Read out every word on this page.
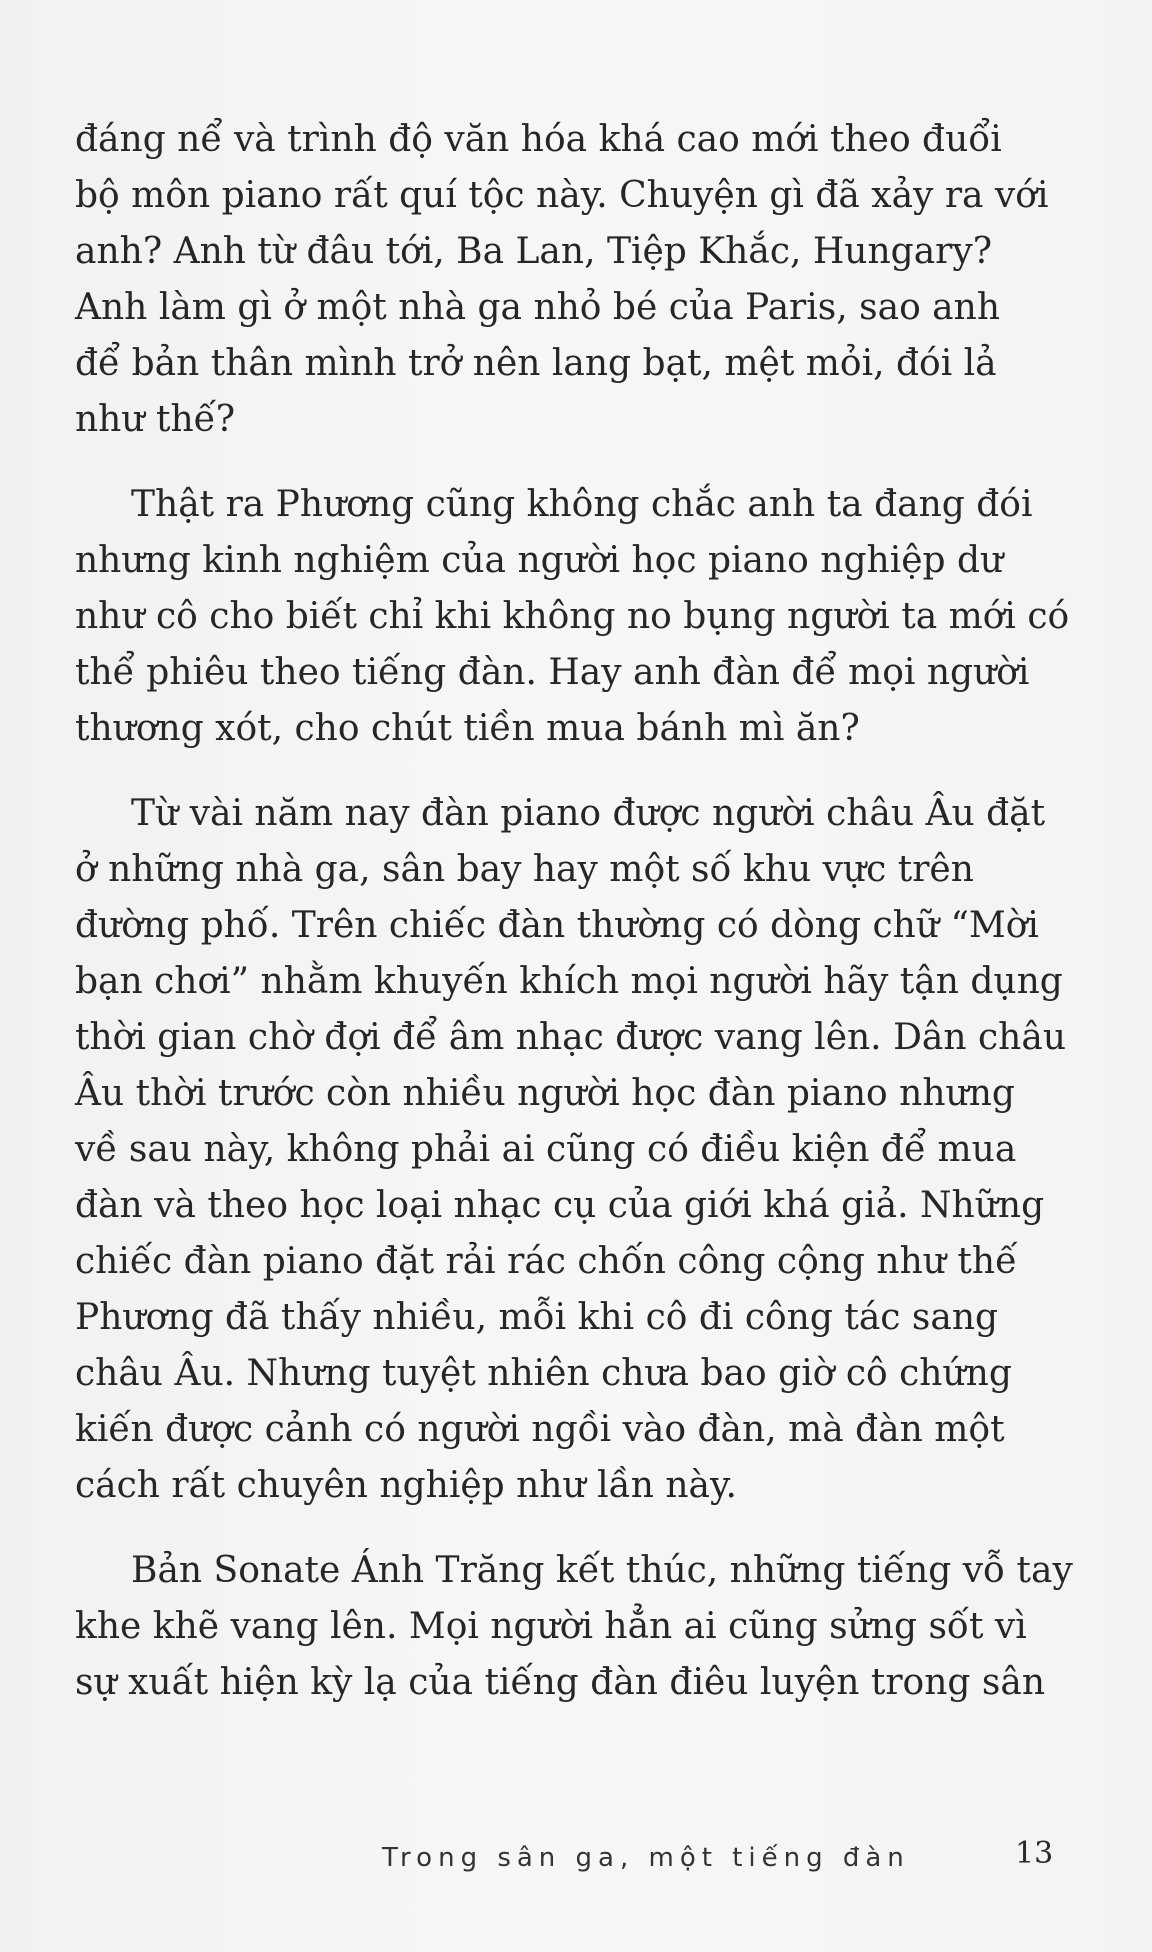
đáng nể và trình độ văn hóa khá cao mới theo đuổi
bộ môn piano rất quí tộc này. Chuyện gì đã xảy ra với
anh? Anh từ đâu tới, Ba Lan, Tiệp Khắc, Hungary?
Anh làm gì ở một nhà ga nhỏ bé của Paris, sao anh
để bản thân mình trở nên lang bạt, mệt mỏi, đói lả
như thế?
Thật ra Phương cũng không chắc anh ta đang đói
nhưng kinh nghiệm của người học piano nghiệp dư
như cô cho biết chỉ khi không no bụng người ta mới có
thể phiêu theo tiếng đàn. Hay anh đàn để mọi người
thương xót, cho chút tiền mua bánh mì ăn?
Từ vài năm nay đàn piano được người châu Âu đặt
ở những nhà ga, sân bay hay một số khu vực trên
đường phố. Trên chiếc đàn thường có dòng chữ “Mời
bạn chơi” nhằm khuyến khích mọi người hãy tận dụng
thời gian chờ đợi để âm nhạc được vang lên. Dân châu
Âu thời trước còn nhiều người học đàn piano nhưng
về sau này, không phải ai cũng có điều kiện để mua
đàn và theo học loại nhạc cụ của giới khá giả. Những
chiếc đàn piano đặt rải rác chốn công cộng như thế
Phương đã thấy nhiều, mỗi khi cô đi công tác sang
châu Âu. Nhưng tuyệt nhiên chưa bao giờ cô chứng
kiến được cảnh có người ngồi vào đàn, mà đàn một
cách rất chuyên nghiệp như lần này.
Bản Sonate Ánh Trăng kết thúc, những tiếng vỗ tay
khe khẽ vang lên. Mọi người hẳn ai cũng sửng sốt vì
sự xuất hiện kỳ lạ của tiếng đàn điêu luyện trong sân
Trong sân ga, một tiếng đàn	13
